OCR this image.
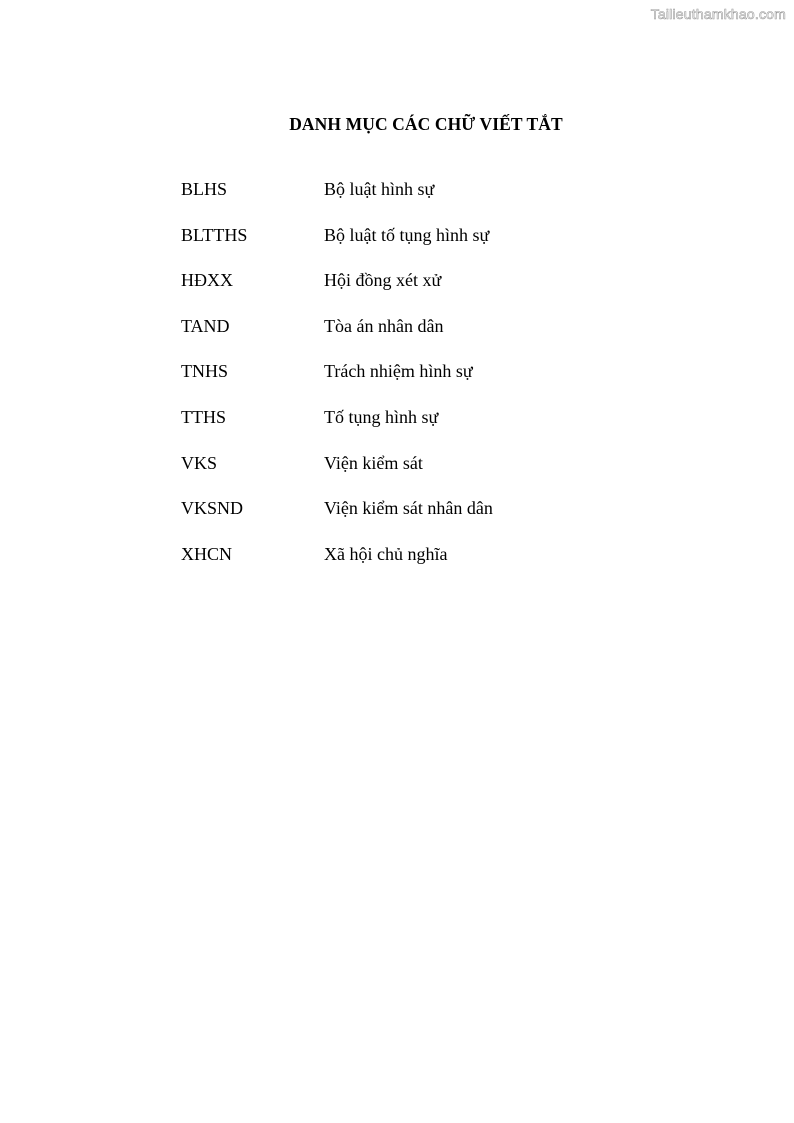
Tailieuthamkhao.com
DANH MỤC CÁC CHỮ VIẾT TẮT
BLHS	Bộ luật hình sự
BLTTHS	Bộ luật tố tụng hình sự
HĐXX	Hội đồng xét xử
TAND	Tòa án nhân dân
TNHS	Trách nhiệm hình sự
TTHS	Tố tụng hình sự
VKS	Viện kiểm sát
VKSND	Viện kiểm sát nhân dân
XHCN	Xã hội chủ nghĩa
